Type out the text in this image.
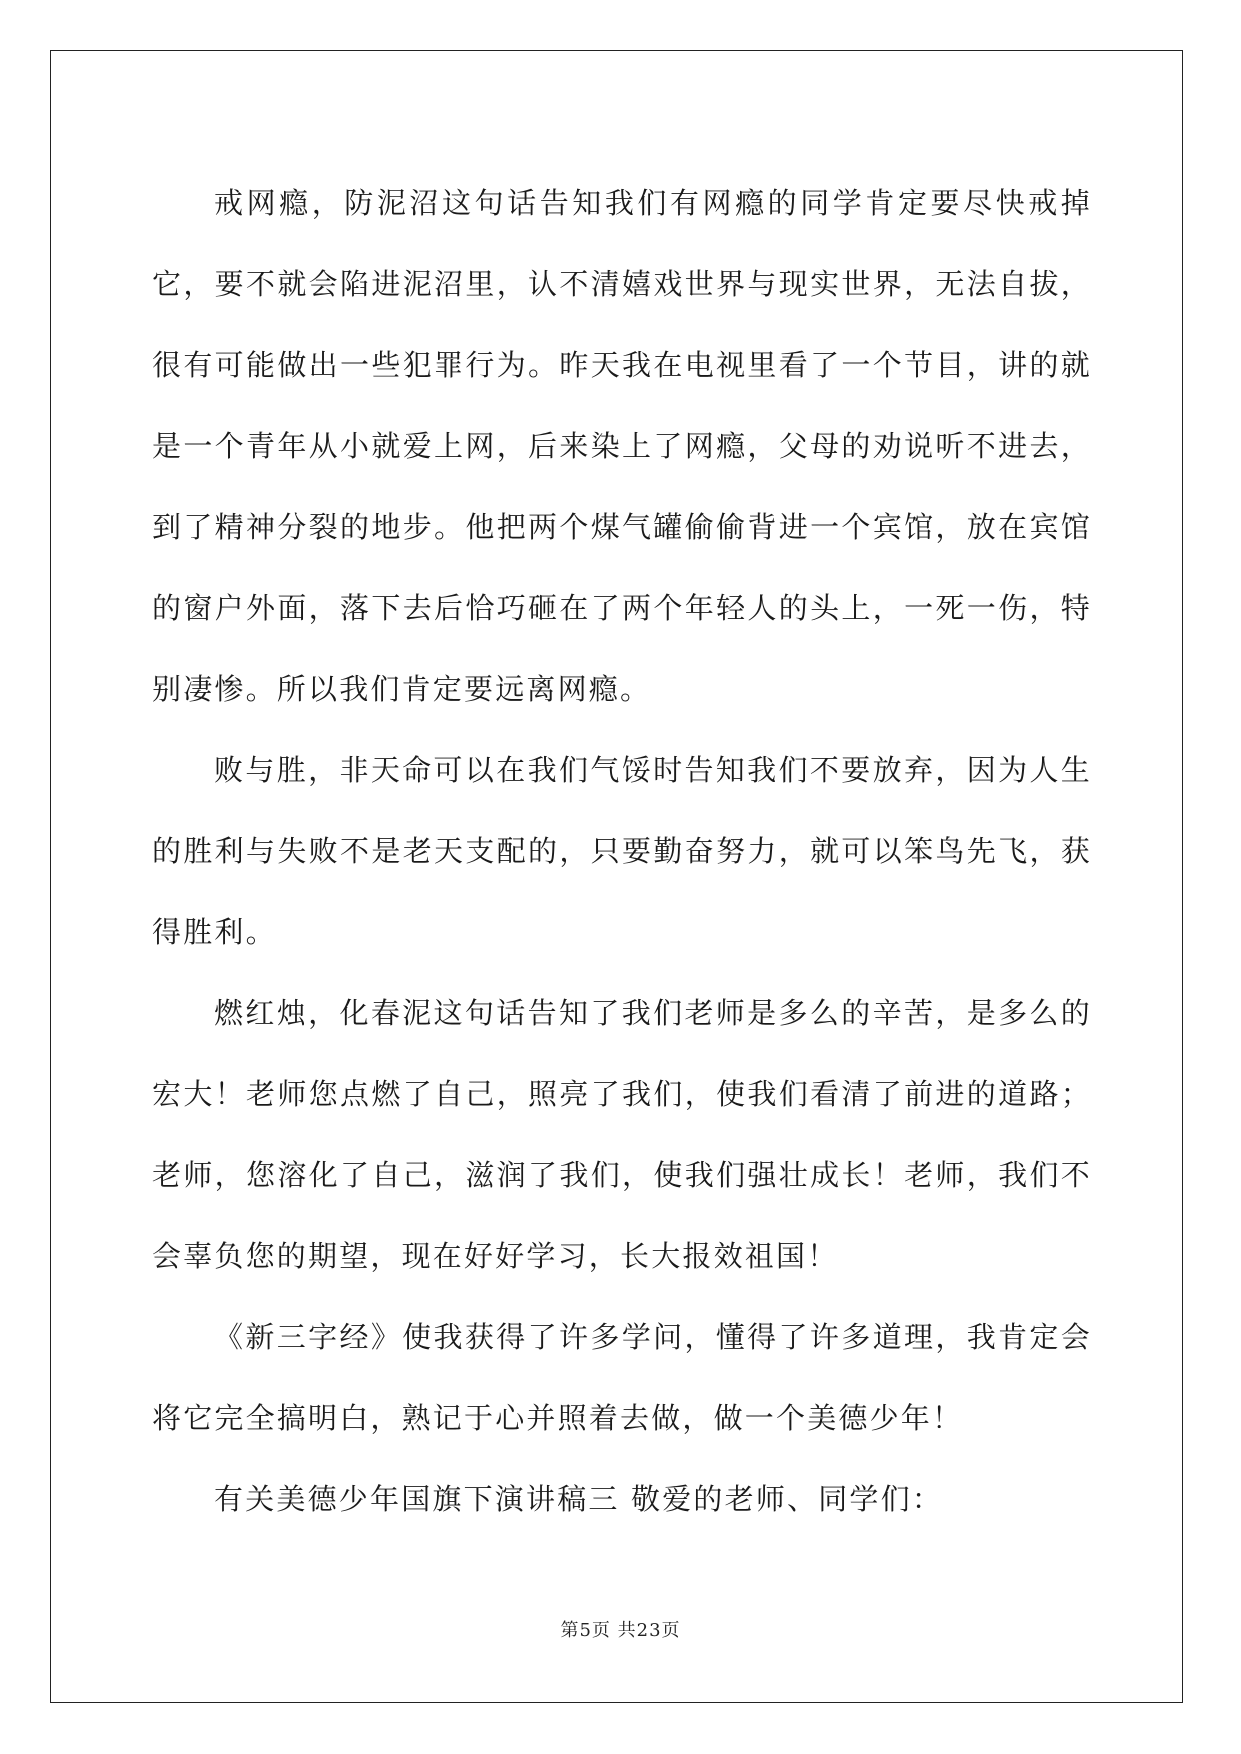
戒网瘾，防泥沼这句话告知我们有网瘾的同学肯定要尽快戒掉它，要不就会陷进泥沼里，认不清嬉戏世界与现实世界，无法自拔，很有可能做出一些犯罪行为。昨天我在电视里看了一个节目，讲的就是一个青年从小就爱上网，后来染上了网瘾，父母的劝说听不进去，到了精神分裂的地步。他把两个煤气罐偷偷背进一个宾馆，放在宾馆的窗户外面，落下去后恰巧砸在了两个年轻人的头上，一死一伤，特别凄惨。所以我们肯定要远离网瘾。

败与胜，非天命可以在我们气馁时告知我们不要放弃，因为人生的胜利与失败不是老天支配的，只要勤奋努力，就可以笨鸟先飞，获得胜利。

燃红烛，化春泥这句话告知了我们老师是多么的辛苦，是多么的宏大！老师您点燃了自己，照亮了我们，使我们看清了前进的道路；老师，您溶化了自己，滋润了我们，使我们强壮成长！老师，我们不会辜负您的期望，现在好好学习，长大报效祖国！

《新三字经》使我获得了许多学问，懂得了许多道理，我肯定会将它完全搞明白，熟记于心并照着去做，做一个美德少年！

有关美德少年国旗下演讲稿三 敬爱的老师、同学们：

第5页 共23页
